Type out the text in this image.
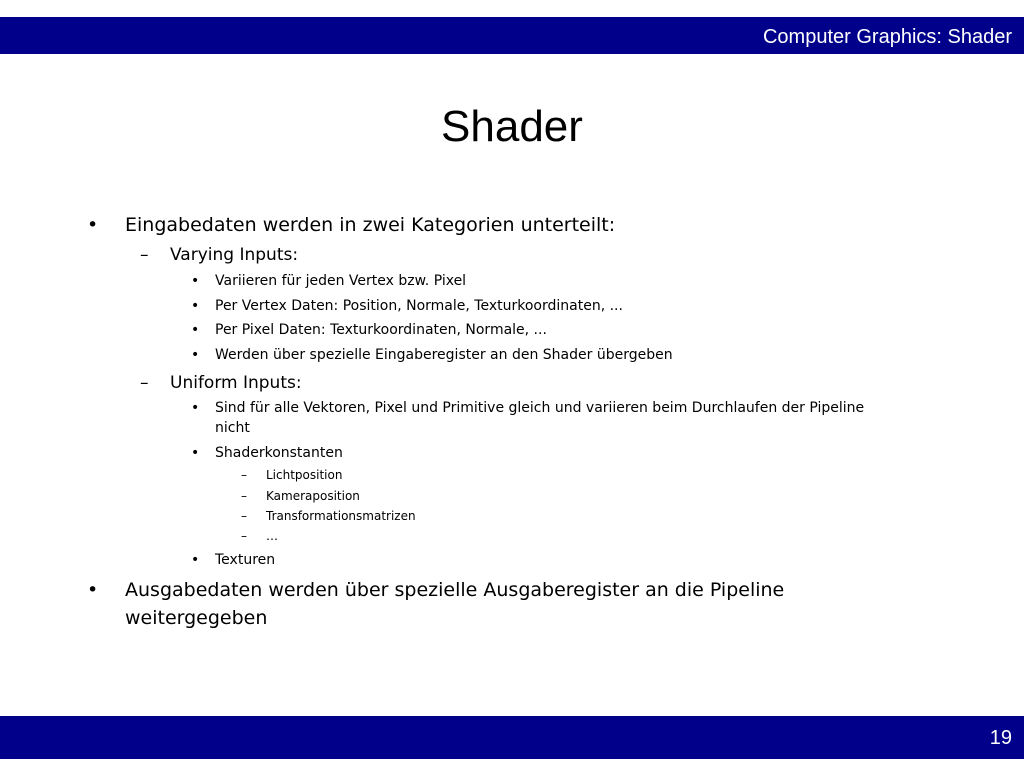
Computer Graphics: Shader
Shader
• Eingabedaten werden in zwei Kategorien unterteilt:
– Varying Inputs:
• Variieren für jeden Vertex bzw. Pixel
• Per Vertex Daten: Position, Normale, Texturkoordinaten, ...
• Per Pixel Daten: Texturkoordinaten, Normale, ...
• Werden über spezielle Eingaberegister an den Shader übergeben
– Uniform Inputs:
• Sind für alle Vektoren, Pixel und Primitive gleich und variieren beim Durchlaufen der Pipeline
nicht
• Shaderkonstanten
– Lichtposition
– Kameraposition
– Transformationsmatrizen
– …
• Texturen
• Ausgabedaten werden über spezielle Ausgaberegister an die Pipeline
weitergegeben
19
